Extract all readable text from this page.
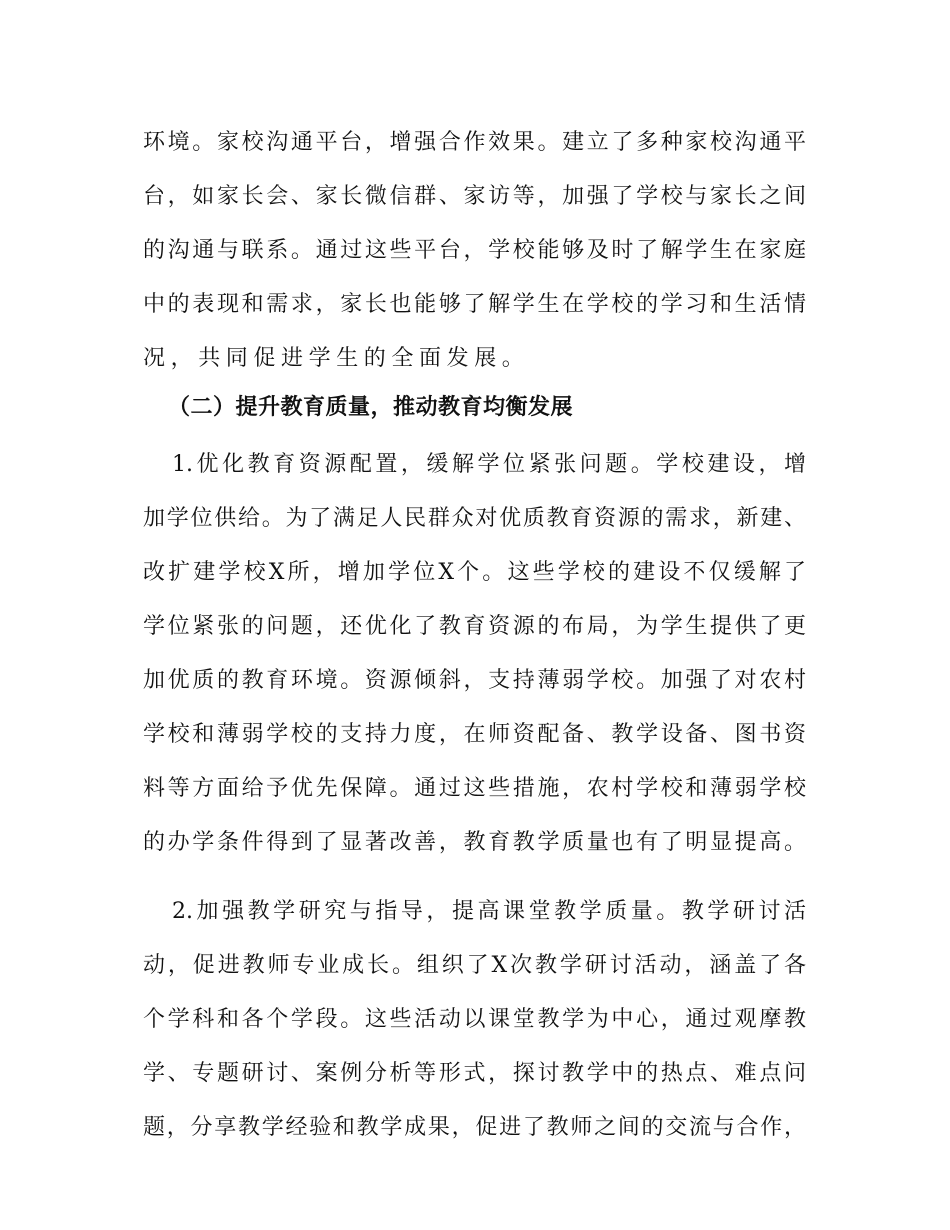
环境。家校沟通平台，增强合作效果。建立了多种家校沟通平
台，如家长会、家长微信群、家访等，加强了学校与家长之间
的沟通与联系。通过这些平台，学校能够及时了解学生在家庭
中的表现和需求，家长也能够了解学生在学校的学习和生活情
况，共同促进学生的全面发展。
（二）提升教育质量，推动教育均衡发展
1.优化教育资源配置，缓解学位紧张问题。学校建设，增
加学位供给。为了满足人民群众对优质教育资源的需求，新建、
改扩建学校X所，增加学位X个。这些学校的建设不仅缓解了
学位紧张的问题，还优化了教育资源的布局，为学生提供了更
加优质的教育环境。资源倾斜，支持薄弱学校。加强了对农村
学校和薄弱学校的支持力度，在师资配备、教学设备、图书资
料等方面给予优先保障。通过这些措施，农村学校和薄弱学校
的办学条件得到了显著改善，教育教学质量也有了明显提高。
2.加强教学研究与指导，提高课堂教学质量。教学研讨活
动，促进教师专业成长。组织了X次教学研讨活动，涵盖了各
个学科和各个学段。这些活动以课堂教学为中心，通过观摩教
学、专题研讨、案例分析等形式，探讨教学中的热点、难点问
题，分享教学经验和教学成果，促进了教师之间的交流与合作，
